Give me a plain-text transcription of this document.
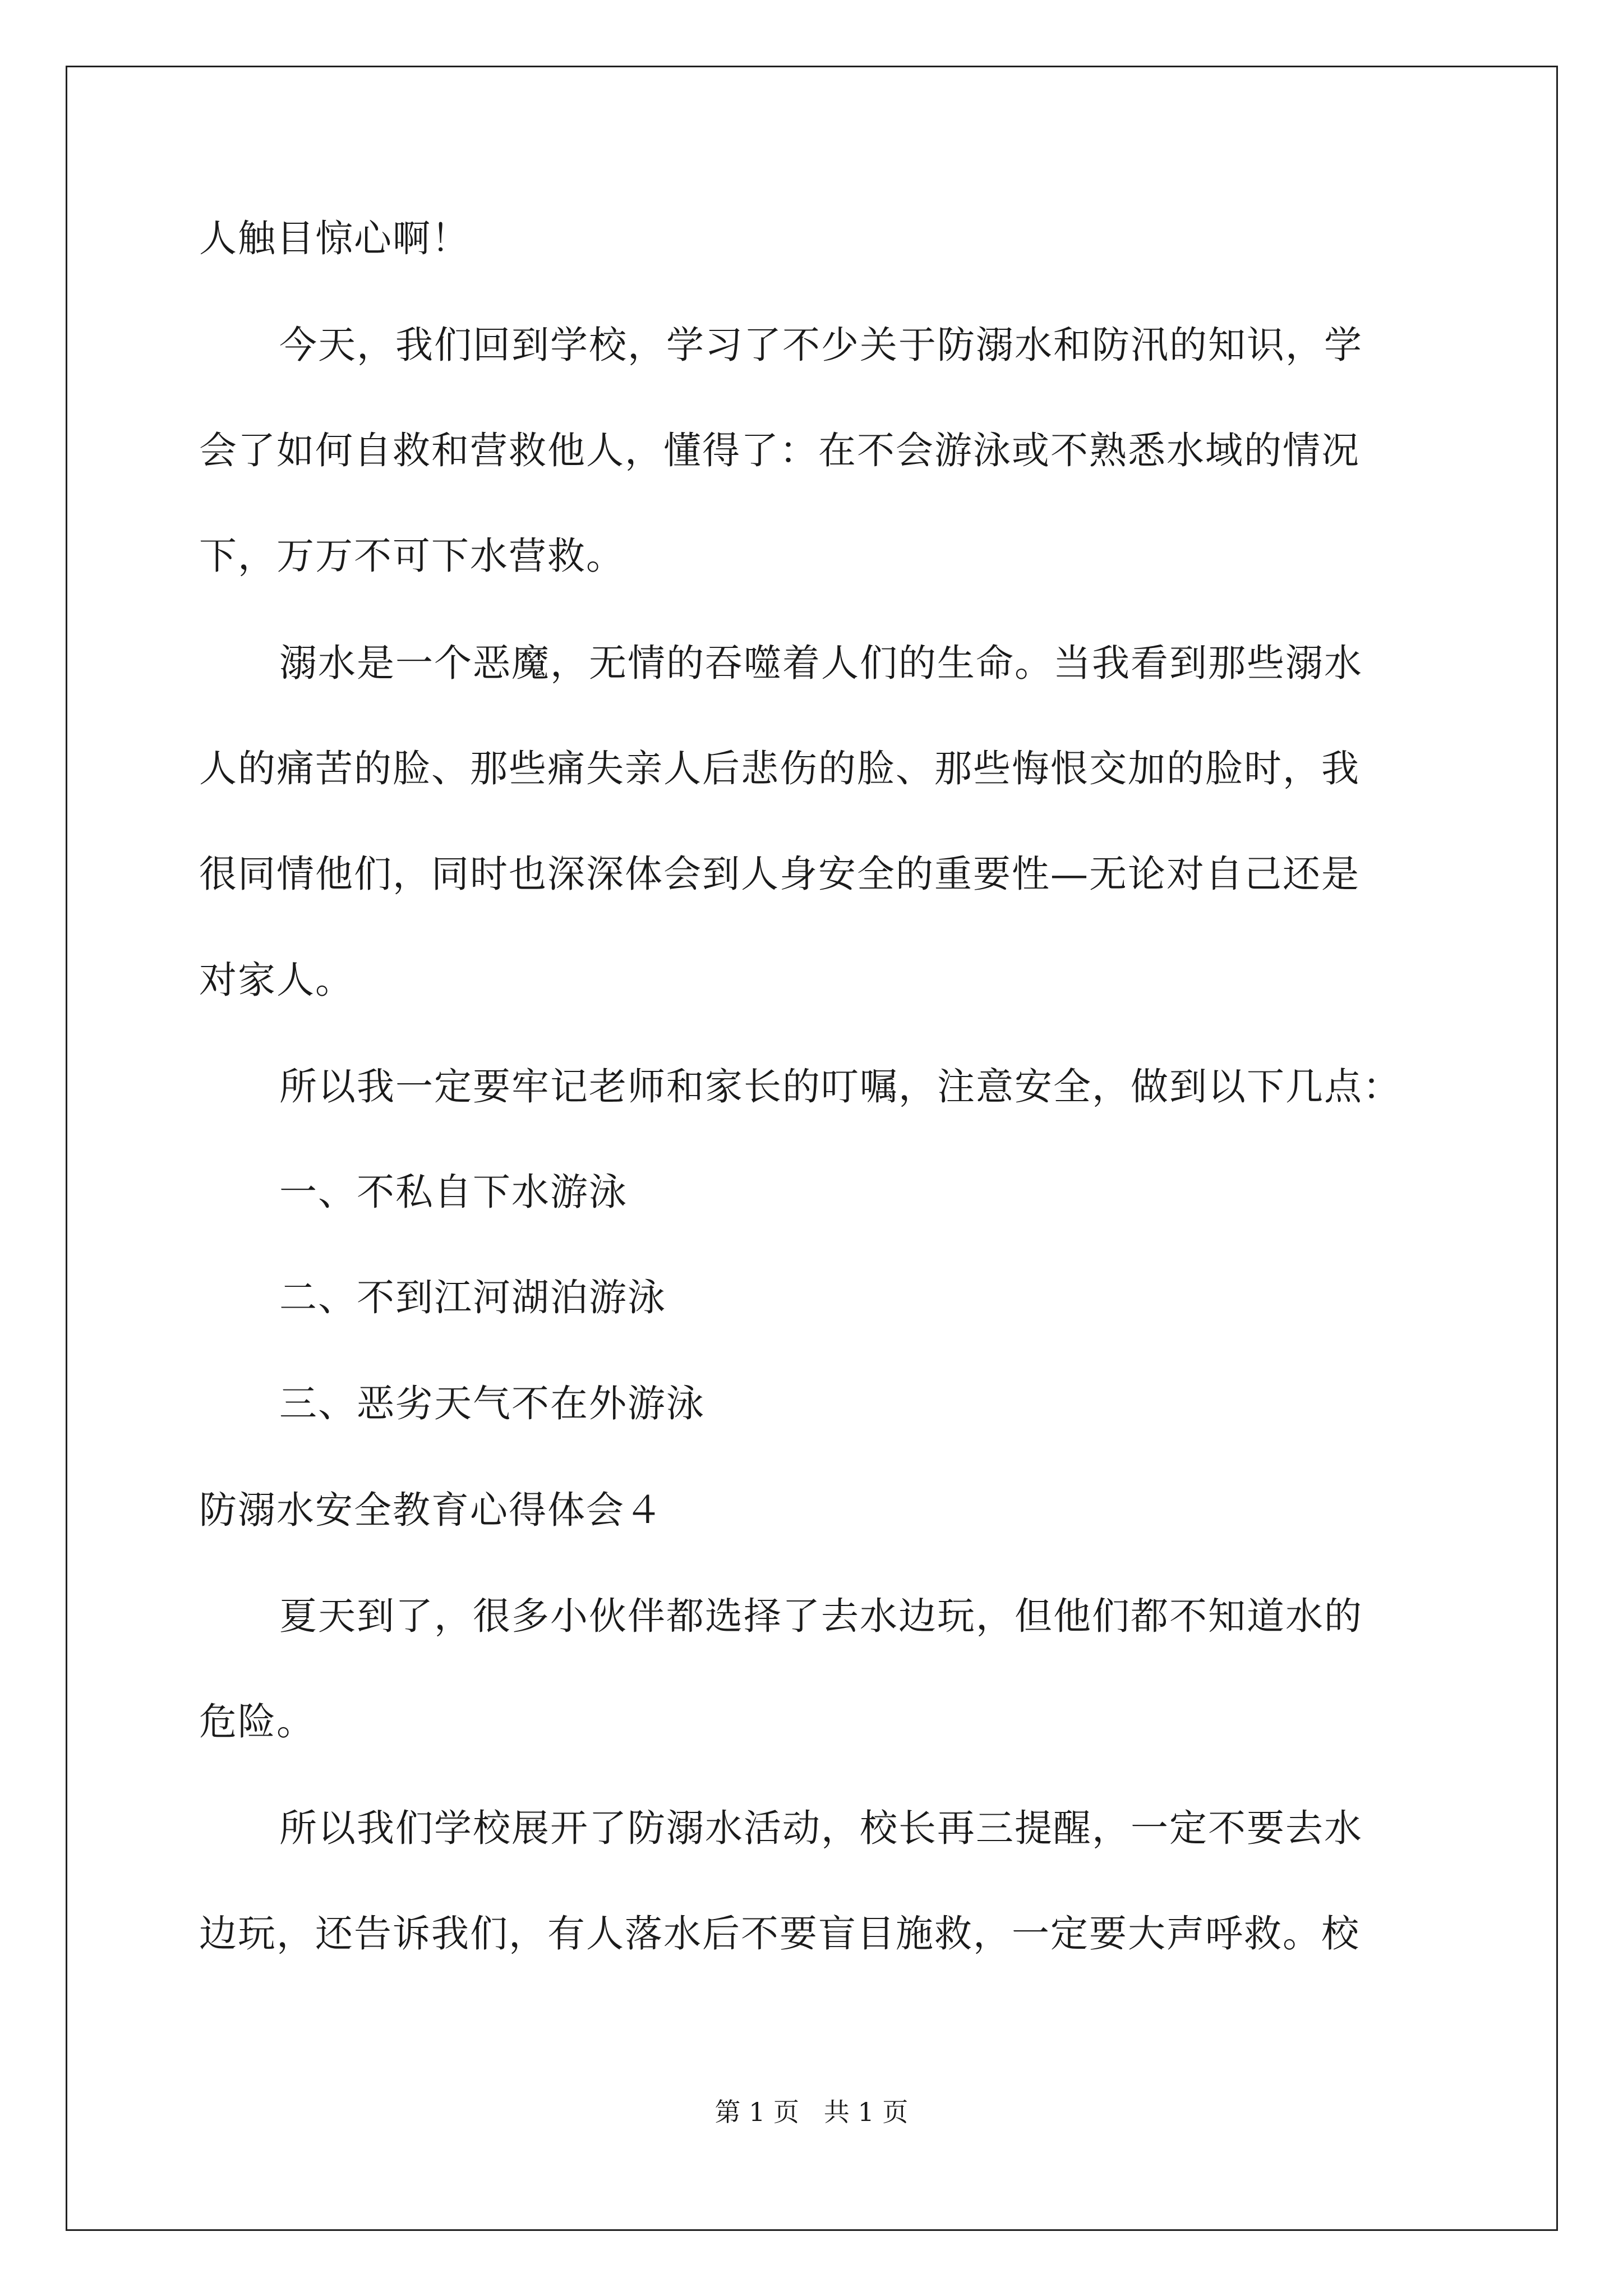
人触目惊心啊！
今天，我们回到学校，学习了不少关于防溺水和防汛的知识，学
会了如何自救和营救他人，懂得了：在不会游泳或不熟悉水域的情况
下，万万不可下水营救。
溺水是一个恶魔，无情的吞噬着人们的生命。当我看到那些溺水
人的痛苦的脸、那些痛失亲人后悲伤的脸、那些悔恨交加的脸时，我
很同情他们，同时也深深体会到人身安全的重要性—无论对自己还是
对家人。
所以我一定要牢记老师和家长的叮嘱，注意安全，做到以下几点：
一、不私自下水游泳
二、不到江河湖泊游泳
三、恶劣天气不在外游泳
防溺水安全教育心得体会４
夏天到了，很多小伙伴都选择了去水边玩，但他们都不知道水的
危险。
所以我们学校展开了防溺水活动，校长再三提醒，一定不要去水
边玩，还告诉我们，有人落水后不要盲目施救，一定要大声呼救。校
第 1 页   共 1 页
